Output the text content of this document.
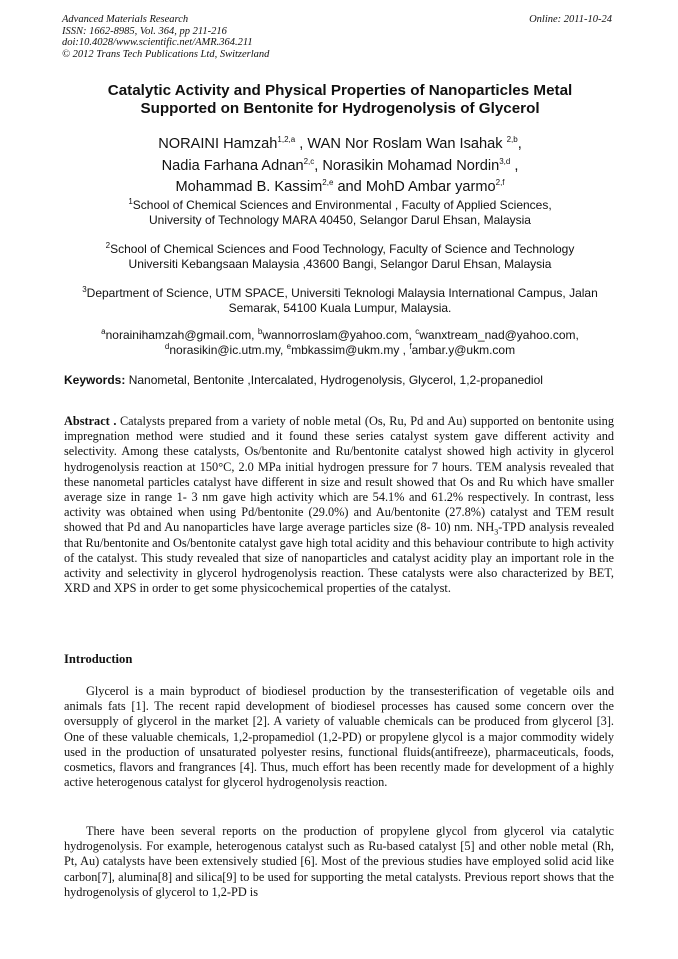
Advanced Materials Research
ISSN: 1662-8985, Vol. 364, pp 211-216
doi:10.4028/www.scientific.net/AMR.364.211
© 2012 Trans Tech Publications Ltd, Switzerland
Online: 2011-10-24
Catalytic Activity and Physical Properties of Nanoparticles Metal
Supported on Bentonite for Hydrogenolysis of Glycerol
NORAINI Hamzah$^{1,2,a}$ , WAN Nor Roslam Wan Isahak $^{2,b}$,
Nadia Farhana Adnan$^{2,c}$, Norasikin Mohamad Nordin$^{3,d}$ ,
Mohammad B. Kassim$^{2,e}$ and MohD Ambar yarmo$^{2,f}$
$^1$School of Chemical Sciences and Environmental , Faculty of Applied Sciences,
University of Technology MARA 40450, Selangor Darul Ehsan, Malaysia
$^2$School of Chemical Sciences and Food Technology, Faculty of Science and Technology
Universiti Kebangsaan Malaysia ,43600 Bangi, Selangor Darul Ehsan, Malaysia
$^3$Department of Science, UTM SPACE, Universiti Teknologi Malaysia International Campus, Jalan
Semarak, 54100 Kuala Lumpur, Malaysia.
$^a$norainihamzah@gmail.com, $^b$wannorroslam@yahoo.com, $^c$wanxtream_nad@yahoo.com,
$^d$norasikin@ic.utm.my, $^e$mbkassim@ukm.my , $^f$ambar.y@ukm.com
Keywords: Nanometal, Bentonite ,Intercalated, Hydrogenolysis, Glycerol, 1,2-propanediol
Abstract . Catalysts prepared from a variety of noble metal (Os, Ru, Pd and Au) supported on bentonite using impregnation method were studied and it found these series catalyst system gave different activity and selectivity. Among these catalysts, Os/bentonite and Ru/bentonite catalyst showed high activity in glycerol hydrogenolysis reaction at 150°C, 2.0 MPa initial hydrogen pressure for 7 hours. TEM analysis revealed that these nanometal particles catalyst have different in size and result showed that Os and Ru which have smaller average size in range 1- 3 nm gave high activity which are 54.1% and 61.2% respectively. In contrast, less activity was obtained when using Pd/bentonite (29.0%) and Au/bentonite (27.8%) catalyst and TEM result showed that Pd and Au nanoparticles have large average particles size (8- 10) nm. $NH_3$-TPD analysis revealed that Ru/bentonite and Os/bentonite catalyst gave high total acidity and this behaviour contribute to high activity of the catalyst. This study revealed that size of nanoparticles and catalyst acidity play an important role in the activity and selectivity in glycerol hydrogenolysis reaction. These catalysts were also characterized by BET, XRD and XPS in order to get some physicochemical properties of the catalyst.
Introduction
Glycerol is a main byproduct of biodiesel production by the transesterification of vegetable oils and animals fats [1]. The recent rapid development of biodiesel processes has caused some concern over the oversupply of glycerol in the market [2]. A variety of valuable chemicals can be produced from glycerol [3]. One of these valuable chemicals, 1,2-propamediol (1,2-PD) or propylene glycol is a major commodity widely used in the production of unsaturated polyester resins, functional fluids(antifreeze), pharmaceuticals, foods, cosmetics, flavors and frangrances [4]. Thus, much effort has been recently made for development of a highly active heterogenous catalyst for glycerol hydrogenolysis reaction.
There have been several reports on the production of propylene glycol from glycerol via catalytic hydrogenolysis. For example, heterogenous catalyst such as Ru-based catalyst [5] and other noble metal (Rh, Pt, Au) catalysts have been extensively studied [6]. Most of the previous studies have employed solid acid like carbon[7], alumina[8] and silica[9] to be used for supporting the metal catalysts. Previous report shows that the hydrogenolysis of glycerol to 1,2-PD is
